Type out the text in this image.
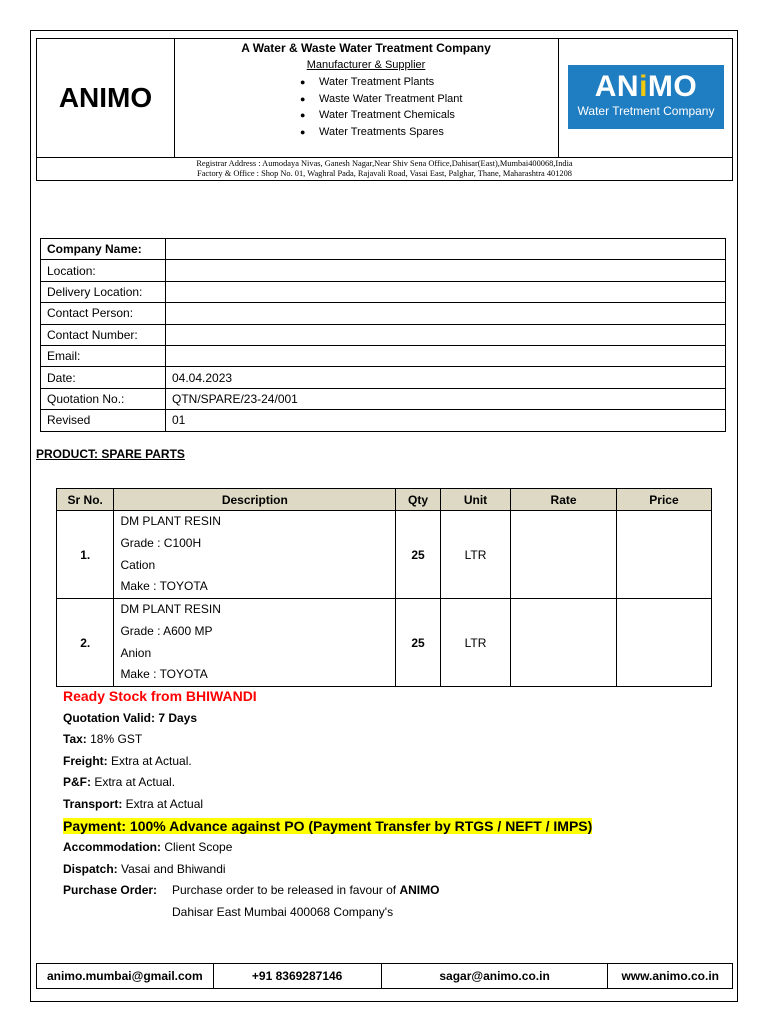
ANIMO
A Water & Waste Water Treatment Company
Manufacturer & Supplier
● Water Treatment Plants
● Waste Water Treatment Plant
● Water Treatment Chemicals
● Water Treatments Spares
ANiMO
Water Tretment Company
Registrar Address : Aumodaya Nivas, Ganesh Nagar,Near Shiv Sena Office,Dahisar(East),Mumbai400068,India
Factory & Office : Shop No. 01, Waghral Pada, Rajavali Road, Vasai East, Palghar, Thane, Maharashtra 401208
Company Name:	
Location:	
Delivery Location:	
Contact Person:	
Contact Number:	
Email:	
Date:	04.04.2023
Quotation No.:	QTN/SPARE/23-24/001
Revised	01
PRODUCT: SPARE PARTS
Sr No.	Description	Qty	Unit	Rate	Price
1.	DM PLANT RESIN
Grade : C100H
Cation
Make : TOYOTA	25	LTR		
2.	DM PLANT RESIN
Grade : A600 MP
Anion
Make : TOYOTA	25	LTR		
Ready Stock from BHIWANDI
Quotation Valid: 7 Days
Tax: 18% GST
Freight: Extra at Actual.
P&F: Extra at Actual.
Transport: Extra at Actual
Payment: 100% Advance against PO (Payment Transfer by RTGS / NEFT / IMPS)
Accommodation: Client Scope
Dispatch: Vasai and Bhiwandi
Purchase Order: Purchase order to be released in favour of ANIMO
Dahisar East Mumbai 400068 Company's
animo.mumbai@gmail.com	+91 8369287146	sagar@animo.co.in	www.animo.co.in
